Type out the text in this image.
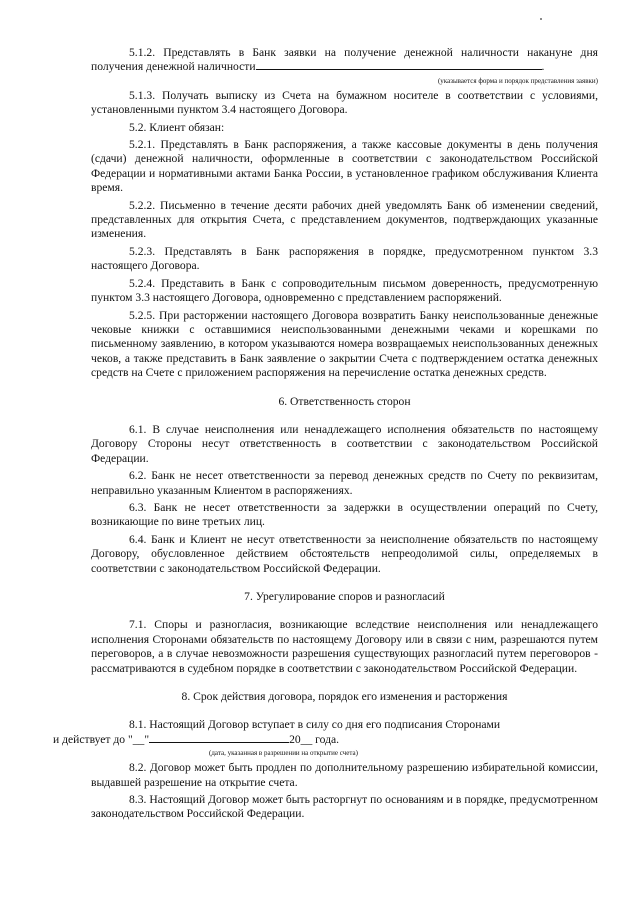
5.1.2. Представлять в Банк заявки на получение денежной наличности накануне дня получения денежной наличности	.

(указывается форма и порядок представления заявки)

5.1.3. Получать выписку из Счета на бумажном носителе в соответствии с условиями, установленными пунктом 3.4 настоящего Договора.

5.2. Клиент обязан:

5.2.1. Представлять в Банк распоряжения, а также кассовые документы в день получения (сдачи) денежной наличности, оформленные в соответствии с законодательством Российской Федерации и нормативными актами Банка России, в установленное графиком обслуживания Клиента время.

5.2.2. Письменно в течение десяти рабочих дней уведомлять Банк об изменении сведений, представленных для открытия Счета, с представлением документов, подтверждающих указанные изменения.

5.2.3. Представлять в Банк распоряжения в порядке, предусмотренном пунктом 3.3 настоящего Договора.

5.2.4. Представить в Банк с сопроводительным письмом доверенность, предусмотренную пунктом 3.3 настоящего Договора, одновременно с представлением распоряжений.

5.2.5. При расторжении настоящего Договора возвратить Банку неиспользованные денежные чековые книжки с оставшимися неиспользованными денежными чеками и корешками по письменному заявлению, в котором указываются номера возвращаемых неиспользованных денежных чеков, а также представить в Банк заявление о закрытии Счета с подтверждением остатка денежных средств на Счете с приложением распоряжения на перечисление остатка денежных средств.

6. Ответственность сторон

6.1. В случае неисполнения или ненадлежащего исполнения обязательств по настоящему Договору Стороны несут ответственность в соответствии с законодательством Российской Федерации.

6.2. Банк не несет ответственности за перевод денежных средств по Счету по реквизитам, неправильно указанным Клиентом в распоряжениях.

6.3. Банк не несет ответственности за задержки в осуществлении операций по Счету, возникающие по вине третьих лиц.

6.4. Банк и Клиент не несут ответственности за неисполнение обязательств по настоящему Договору, обусловленное действием обстоятельств непреодолимой силы, определяемых в соответствии с законодательством Российской Федерации.

7. Урегулирование споров и разногласий

7.1. Споры и разногласия, возникающие вследствие неисполнения или ненадлежащего исполнения Сторонами обязательств по настоящему Договору или в связи с ним, разрешаются путем переговоров, а в случае невозможности разрешения существующих разногласий путем переговоров - рассматриваются в судебном порядке в соответствии с законодательством Российской Федерации.

8. Срок действия договора, порядок его изменения и расторжения

8.1. Настоящий Договор вступает в силу со дня его подписания Сторонами
и действует до "__"	20__ года.

(дата, указанная в разрешении на открытие счета)

8.2. Договор может быть продлен по дополнительному разрешению избирательной комиссии, выдавшей разрешение на открытие счета.

8.3. Настоящий Договор может быть расторгнут по основаниям и в порядке, предусмотренном законодательством Российской Федерации.
